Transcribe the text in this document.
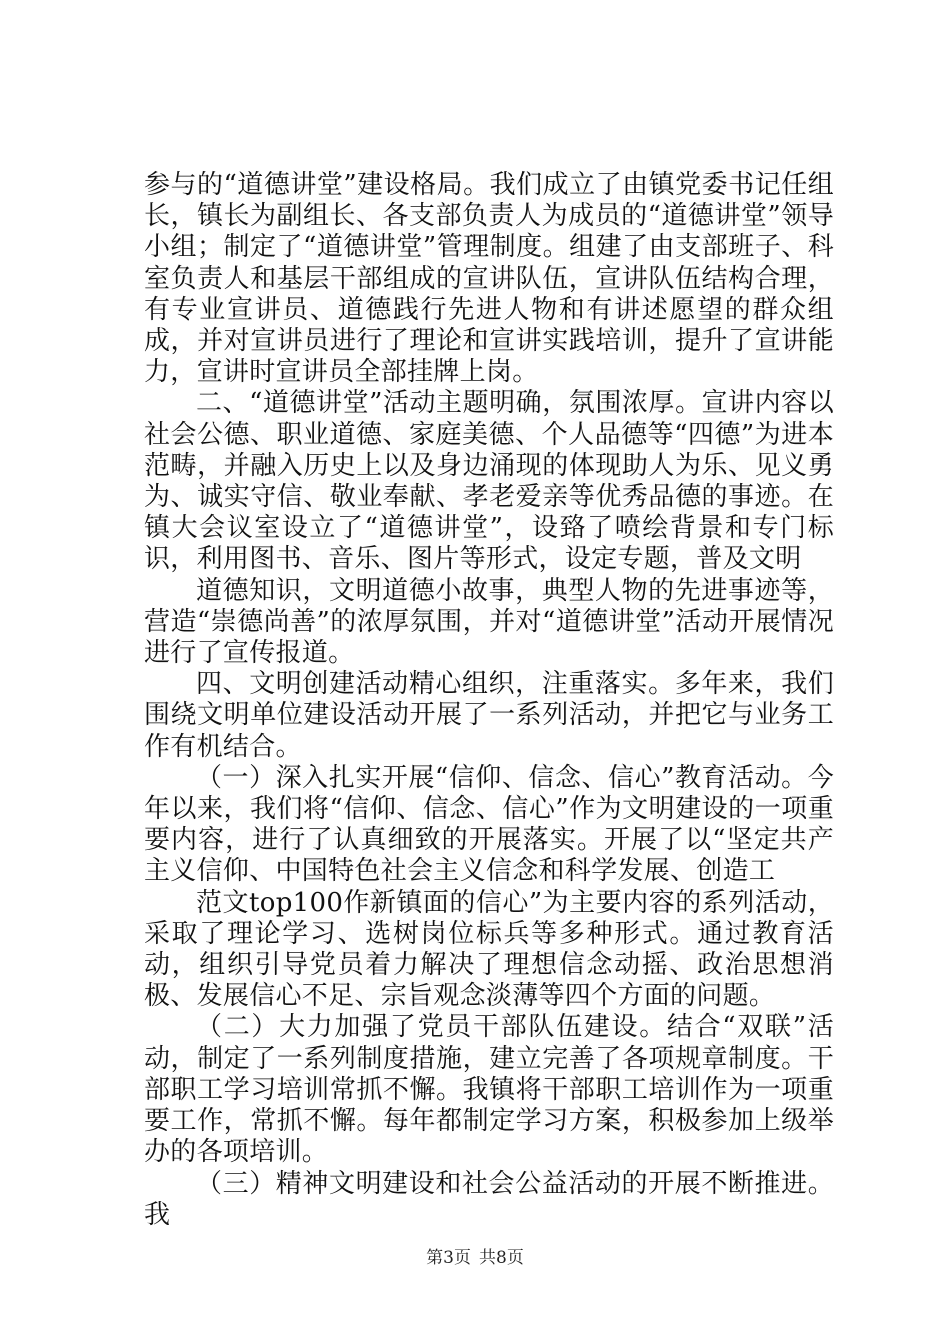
参与的“道德讲堂”建设格局。我们成立了由镇党委书记任组长，镇长为副组长、各支部负责人为成员的“道德讲堂”领导小组；制定了“道德讲堂”管理制度。组建了由支部班子、科室负责人和基层干部组成的宣讲队伍，宣讲队伍结构合理，有专业宣讲员、道德践行先进人物和有讲述愿望的群众组成，并对宣讲员进行了理论和宣讲实践培训，提升了宣讲能力，宣讲时宣讲员全部挂牌上岗。

二、“道德讲堂”活动主题明确，氛围浓厚。宣讲内容以社会公德、职业道德、家庭美德、个人品德等“四德”为进本范畴，并融入历史上以及身边涌现的体现助人为乐、见义勇为、诚实守信、敬业奉献、孝老爱亲等优秀品德的事迹。在镇大会议室设立了“道德讲堂”，设臵了喷绘背景和专门标识，利用图书、音乐、图片等形式，设定专题，普及文明

道德知识，文明道德小故事，典型人物的先进事迹等，营造“崇德尚善”的浓厚氛围，并对“道德讲堂”活动开展情况进行了宣传报道。

四、文明创建活动精心组织，注重落实。多年来，我们围绕文明单位建设活动开展了一系列活动，并把它与业务工作有机结合。

（一）深入扎实开展“信仰、信念、信心”教育活动。今年以来，我们将“信仰、信念、信心”作为文明建设的一项重要内容，进行了认真细致的开展落实。开展了以“坚定共产主义信仰、中国特色社会主义信念和科学发展、创造工

范文top100作新镇面的信心”为主要内容的系列活动，采取了理论学习、选树岗位标兵等多种形式。通过教育活动，组织引导党员着力解决了理想信念动摇、政治思想消极、发展信心不足、宗旨观念淡薄等四个方面的问题。

（二）大力加强了党员干部队伍建设。结合“双联”活动，制定了一系列制度措施，建立完善了各项规章制度。干部职工学习培训常抓不懈。我镇将干部职工培训作为一项重要工作，常抓不懈。每年都制定学习方案，积极参加上级举办的各项培训。

（三）精神文明建设和社会公益活动的开展不断推进。我

第3页 共8页
